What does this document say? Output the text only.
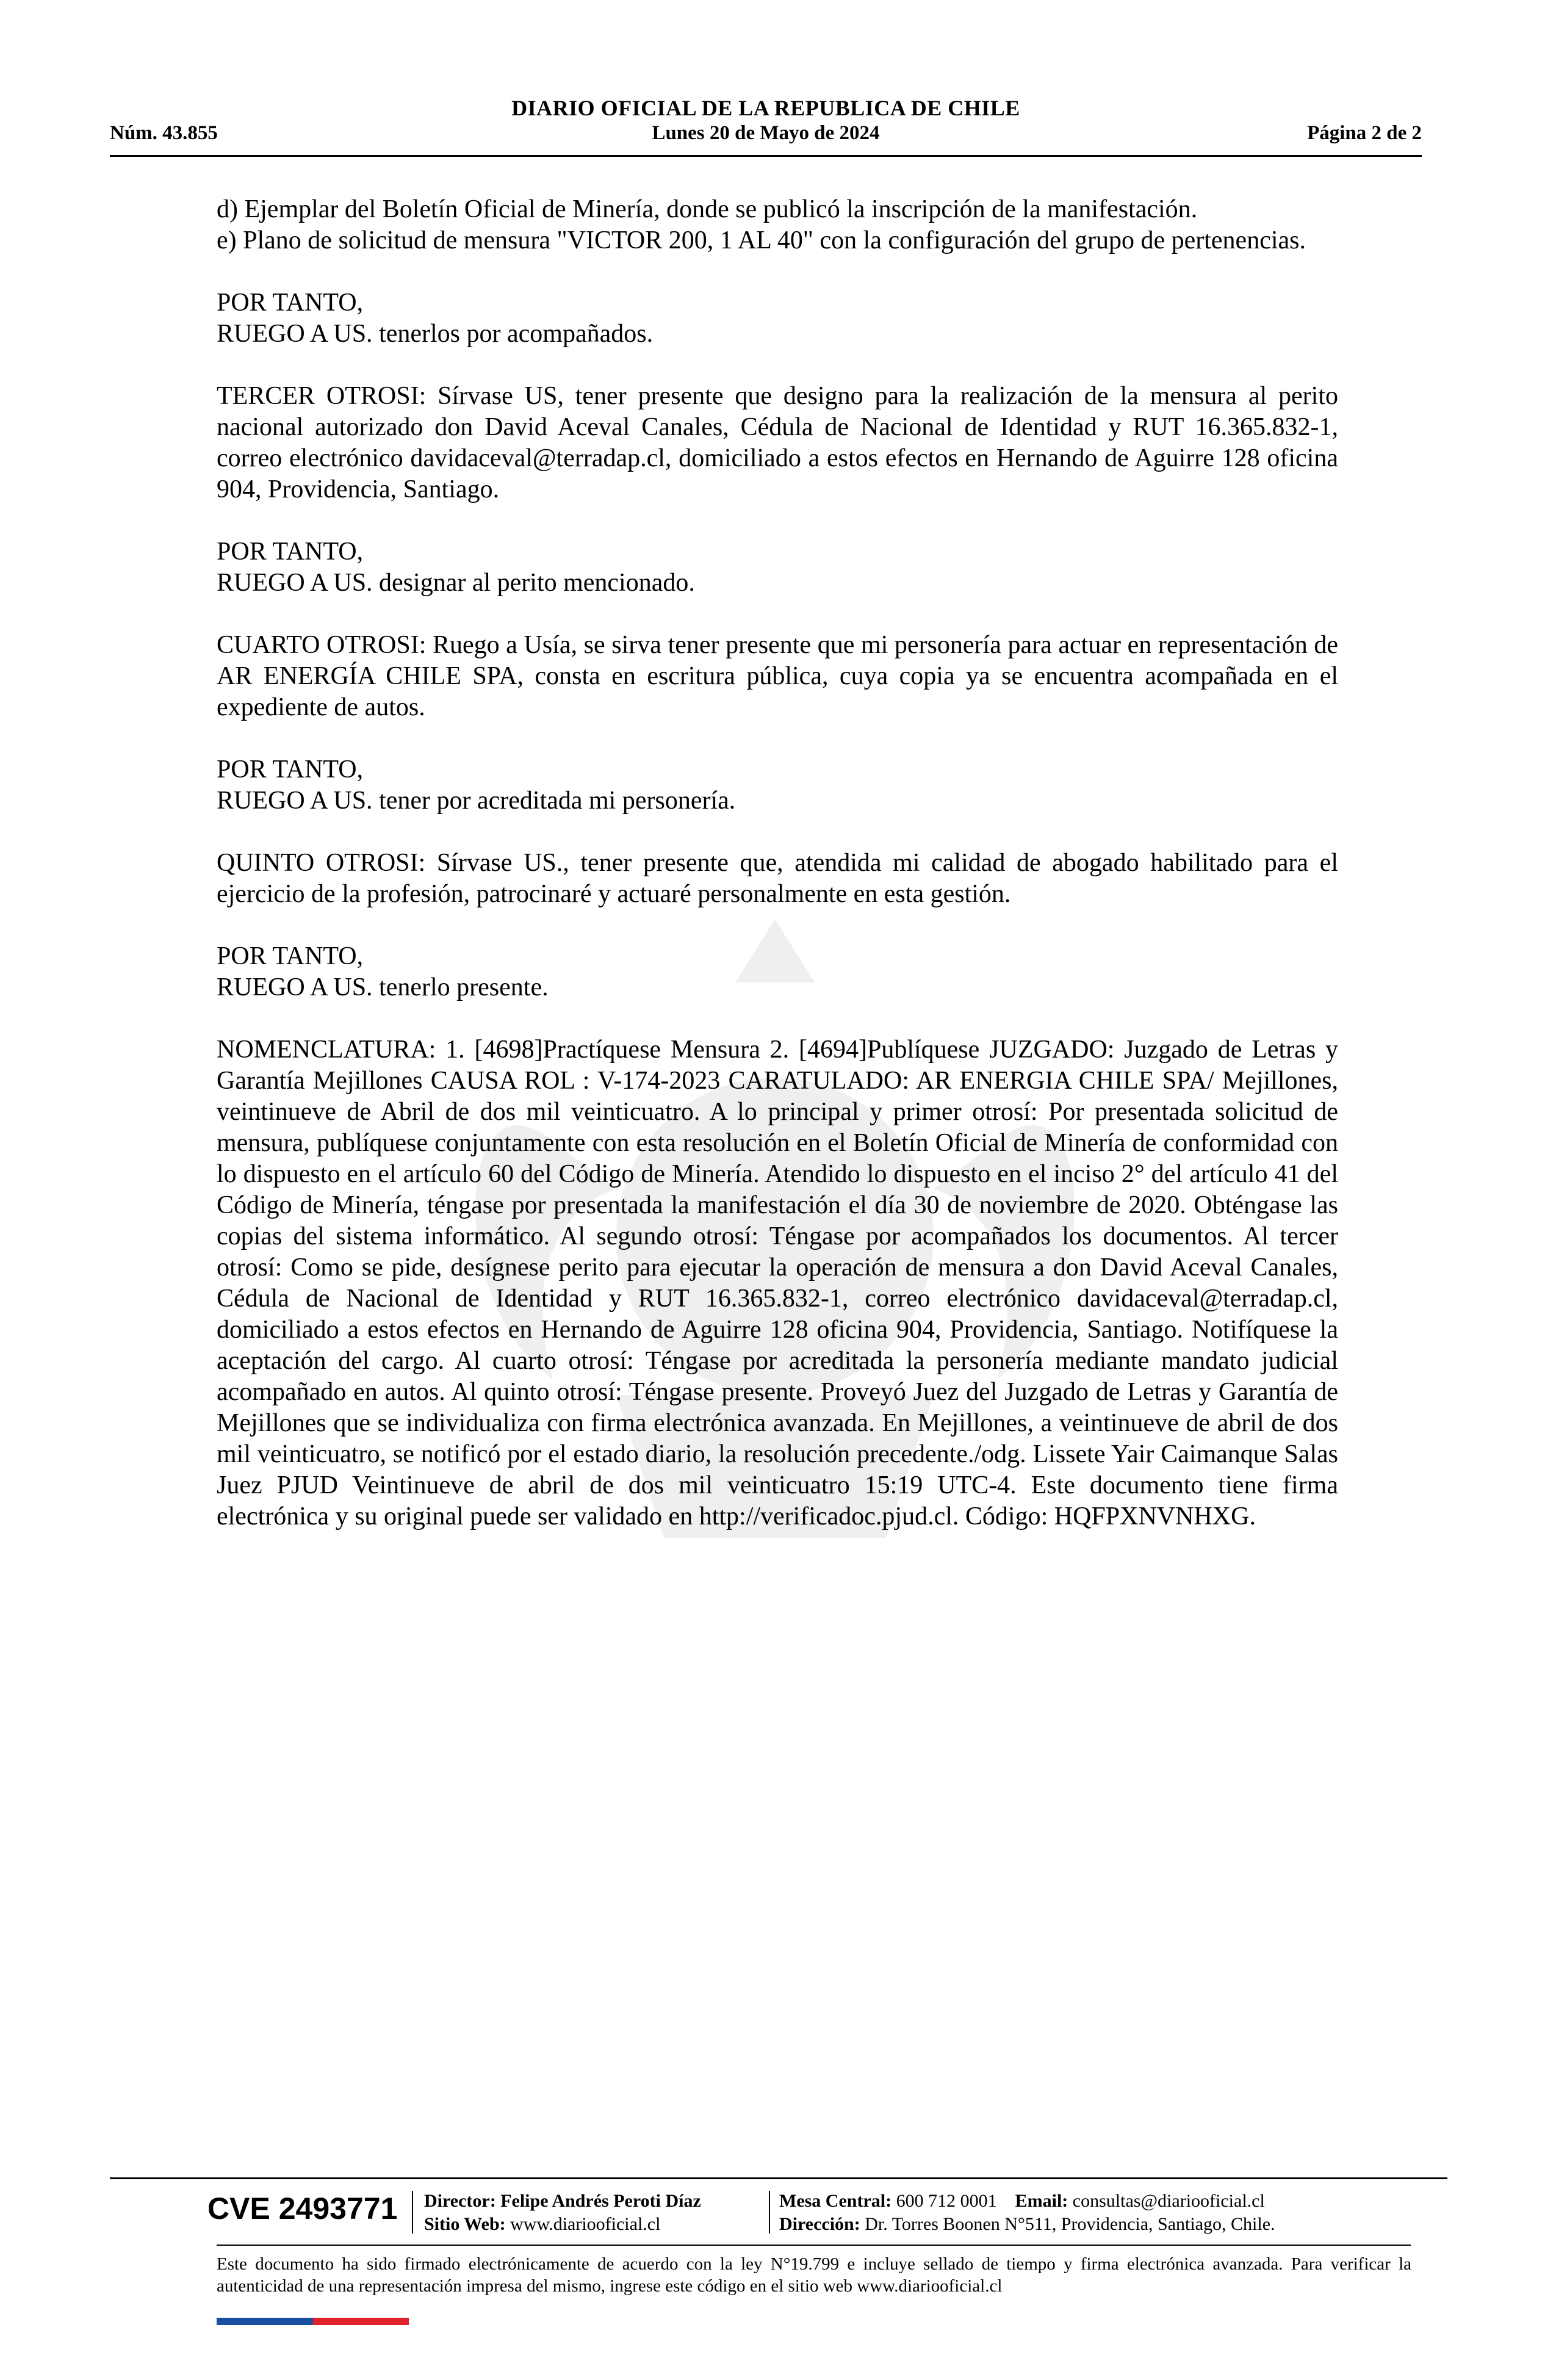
DIARIO OFICIAL DE LA REPUBLICA DE CHILE
Núm. 43.855	Lunes 20 de Mayo de 2024	Página 2 de 2

d) Ejemplar del Boletín Oficial de Minería, donde se publicó la inscripción de la manifestación.
e) Plano de solicitud de mensura "VICTOR 200, 1 AL 40" con la configuración del grupo de pertenencias.

POR TANTO,
RUEGO A US. tenerlos por acompañados.

TERCER OTROSI: Sírvase US, tener presente que designo para la realización de la mensura al perito nacional autorizado don David Aceval Canales, Cédula de Nacional de Identidad y RUT 16.365.832-1, correo electrónico davidaceval@terradap.cl, domiciliado a estos efectos en Hernando de Aguirre 128 oficina 904, Providencia, Santiago.

POR TANTO,
RUEGO A US. designar al perito mencionado.

CUARTO OTROSI: Ruego a Usía, se sirva tener presente que mi personería para actuar en representación de AR ENERGÍA CHILE SPA, consta en escritura pública, cuya copia ya se encuentra acompañada en el expediente de autos.

POR TANTO,
RUEGO A US. tener por acreditada mi personería.

QUINTO OTROSI: Sírvase US., tener presente que, atendida mi calidad de abogado habilitado para el ejercicio de la profesión, patrocinaré y actuaré personalmente en esta gestión.

POR TANTO,
RUEGO A US. tenerlo presente.

NOMENCLATURA: 1. [4698]Practíquese Mensura 2. [4694]Publíquese JUZGADO: Juzgado de Letras y Garantía Mejillones CAUSA ROL : V-174-2023 CARATULADO: AR ENERGIA CHILE SPA/ Mejillones, veintinueve de Abril de dos mil veinticuatro. A lo principal y primer otrosí: Por presentada solicitud de mensura, publíquese conjuntamente con esta resolución en el Boletín Oficial de Minería de conformidad con lo dispuesto en el artículo 60 del Código de Minería. Atendido lo dispuesto en el inciso 2° del artículo 41 del Código de Minería, téngase por presentada la manifestación el día 30 de noviembre de 2020. Obténgase las copias del sistema informático. Al segundo otrosí: Téngase por acompañados los documentos. Al tercer otrosí: Como se pide, desígnese perito para ejecutar la operación de mensura a don David Aceval Canales, Cédula de Nacional de Identidad y RUT 16.365.832-1, correo electrónico davidaceval@terradap.cl, domiciliado a estos efectos en Hernando de Aguirre 128 oficina 904, Providencia, Santiago. Notifíquese la aceptación del cargo. Al cuarto otrosí: Téngase por acreditada la personería mediante mandato judicial acompañado en autos. Al quinto otrosí: Téngase presente. Proveyó Juez del Juzgado de Letras y Garantía de Mejillones que se individualiza con firma electrónica avanzada. En Mejillones, a veintinueve de abril de dos mil veinticuatro, se notificó por el estado diario, la resolución precedente./odg. Lissete Yair Caimanque Salas Juez PJUD Veintinueve de abril de dos mil veinticuatro 15:19 UTC-4. Este documento tiene firma electrónica y su original puede ser validado en http://verificadoc.pjud.cl. Código: HQFPXNVNHXG.

CVE 2493771 Director: Felipe Andrés Peroti Díaz
Sitio Web: www.diariooficial.cl
Mesa Central: 600 712 0001 Email: consultas@diariooficial.cl
Dirección: Dr. Torres Boonen N°511, Providencia, Santiago, Chile.
Este documento ha sido firmado electrónicamente de acuerdo con la ley N°19.799 e incluye sellado de tiempo y firma electrónica avanzada. Para verificar la autenticidad de una representación impresa del mismo, ingrese este código en el sitio web www.diariooficial.cl
